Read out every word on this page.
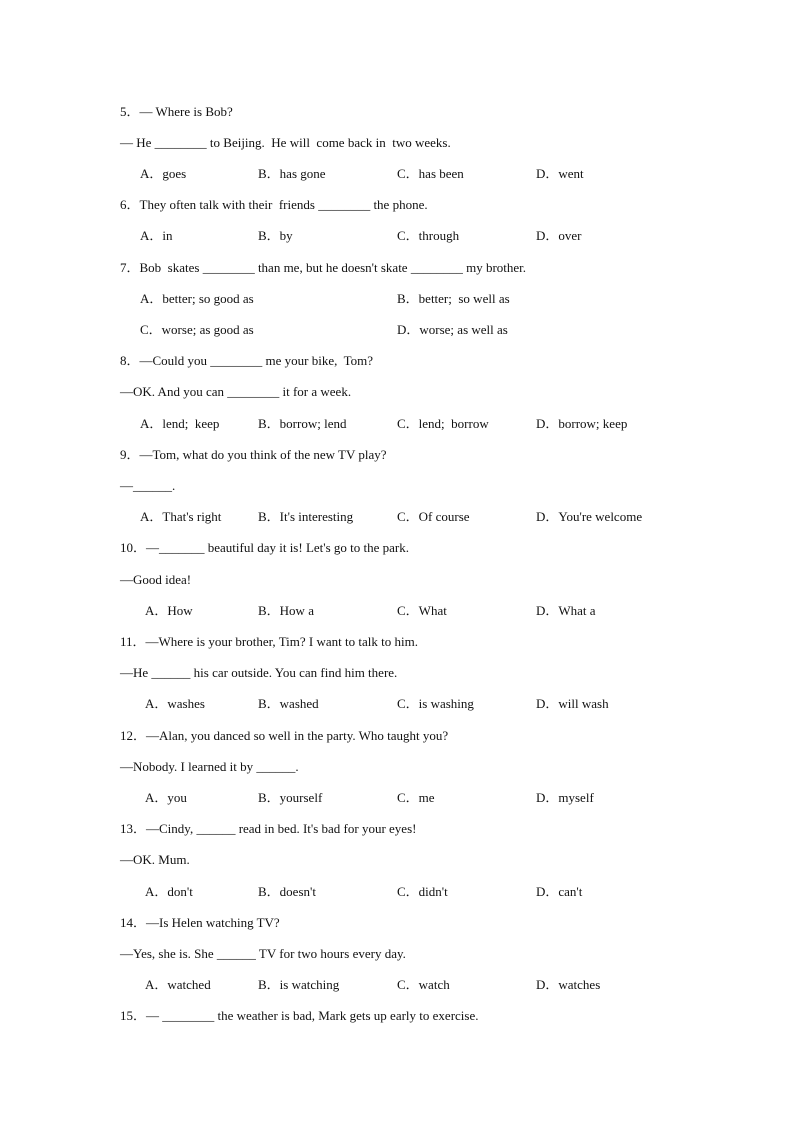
5．— Where is Bob?
— He ________ to Beijing.  He will  come back in  two weeks.
A．goes	B．has gone	C．has been	D．went
6．They often talk with their  friends ________ the phone.
A．in	B．by	C．through	D．over
7．Bob  skates ________ than me, but he doesn't skate ________ my brother.
A．better; so good as	B．better;  so well as
C．worse; as good as	D．worse; as well as
8．—Could you ________ me your bike,  Tom?
—OK. And you can ________ it for a week.
A．lend;  keep	B．borrow; lend	C．lend;  borrow	D．borrow; keep
9．—Tom, what do you think of the new TV play?
—______.
A．That's right	B．It's interesting	C．Of course	D．You're welcome
10．—_______ beautiful day it is! Let's go to the park.
—Good idea!
A．How	B．How a	C．What	D．What a
11．—Where is your brother, Tim? I want to talk to him.
—He ______ his car outside. You can find him there.
A．washes	B．washed	C．is washing	D．will wash
12．—Alan, you danced so well in the party. Who taught you?
—Nobody. I learned it by ______.
A．you	B．yourself	C．me	D．myself
13．—Cindy, ______ read in bed. It's bad for your eyes!
—OK. Mum.
A．don't	B．doesn't	C．didn't	D．can't
14．—Is Helen watching TV?
—Yes, she is. She ______ TV for two hours every day.
A．watched	B．is watching	C．watch	D．watches
15．— ________ the weather is bad, Mark gets up early to exercise.
